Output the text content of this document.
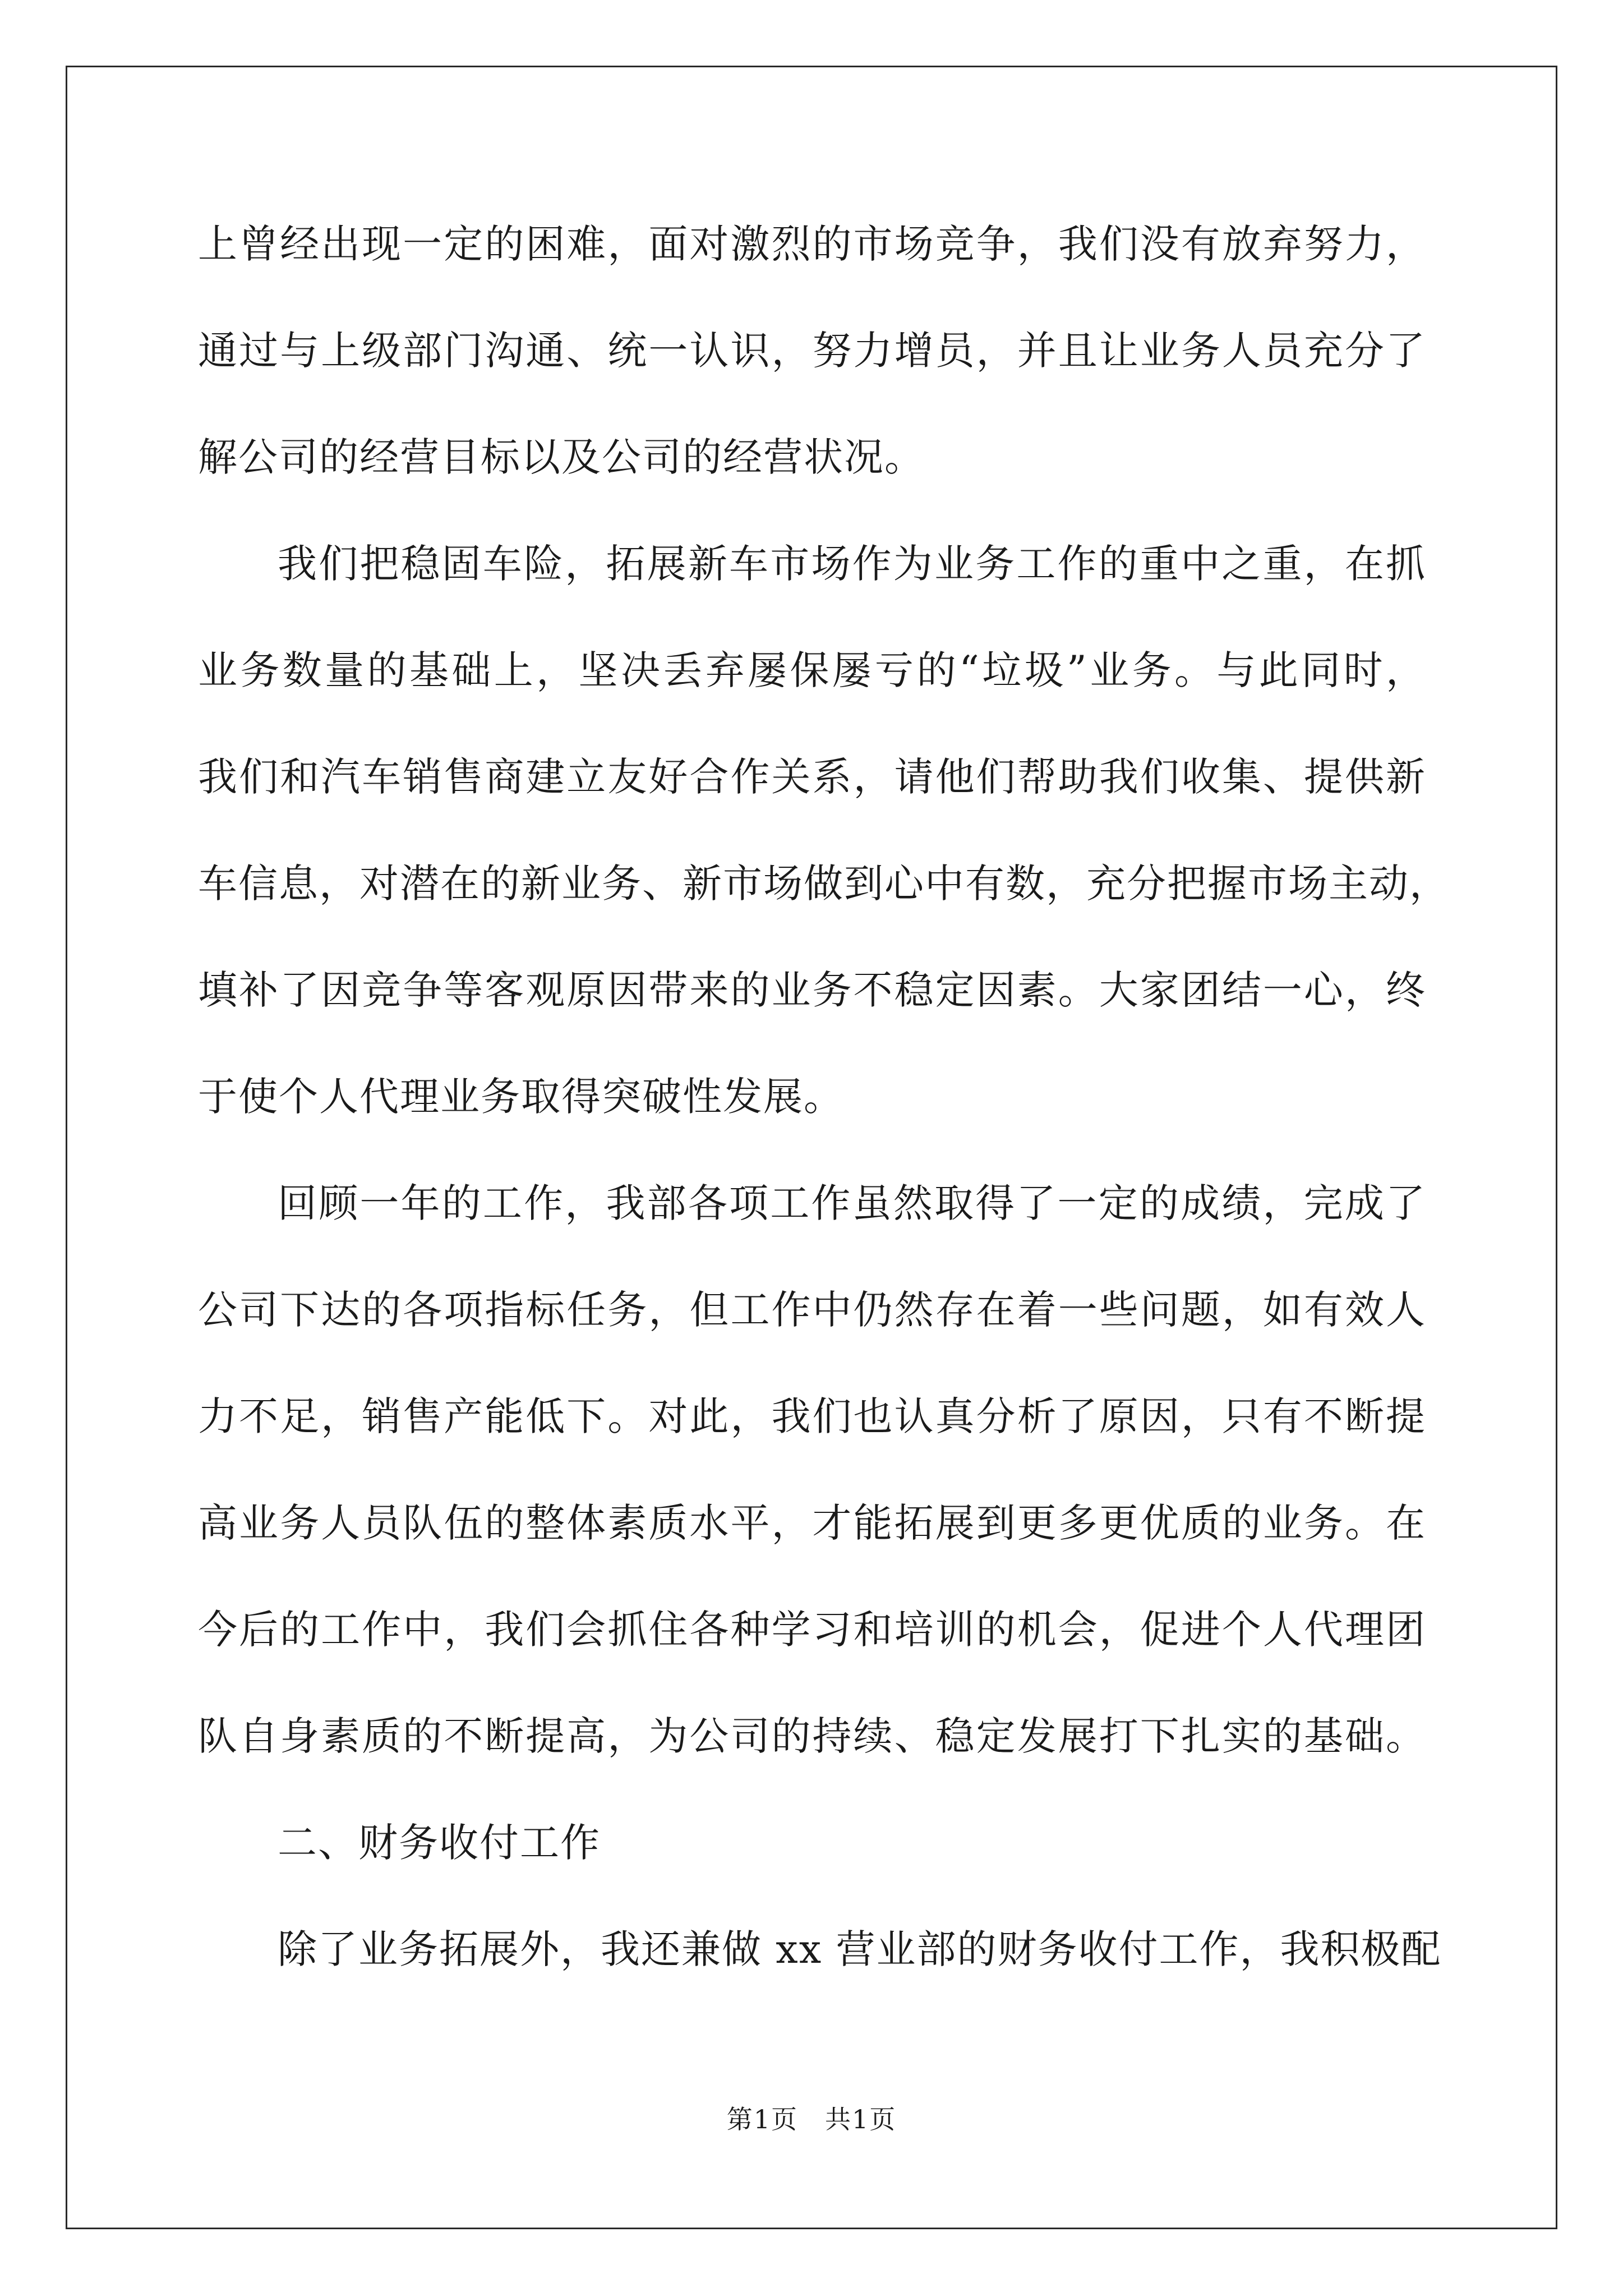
上曾经出现一定的困难，面对激烈的市场竞争，我们没有放弃努力，
通过与上级部门沟通、统一认识，努力增员，并且让业务人员充分了
解公司的经营目标以及公司的经营状况。
我们把稳固车险，拓展新车市场作为业务工作的重中之重，在抓
业务数量的基础上，坚决丢弃屡保屡亏的“垃圾”业务。与此同时，
我们和汽车销售商建立友好合作关系，请他们帮助我们收集、提供新
车信息，对潜在的新业务、新市场做到心中有数，充分把握市场主动，
填补了因竞争等客观原因带来的业务不稳定因素。大家团结一心，终
于使个人代理业务取得突破性发展。
回顾一年的工作，我部各项工作虽然取得了一定的成绩，完成了
公司下达的各项指标任务，但工作中仍然存在着一些问题，如有效人
力不足，销售产能低下。对此，我们也认真分析了原因，只有不断提
高业务人员队伍的整体素质水平，才能拓展到更多更优质的业务。在
今后的工作中，我们会抓住各种学习和培训的机会，促进个人代理团
队自身素质的不断提高，为公司的持续、稳定发展打下扎实的基础。
二、财务收付工作
除了业务拓展外，我还兼做 xx 营业部的财务收付工作，我积极配
第1页　共1页
